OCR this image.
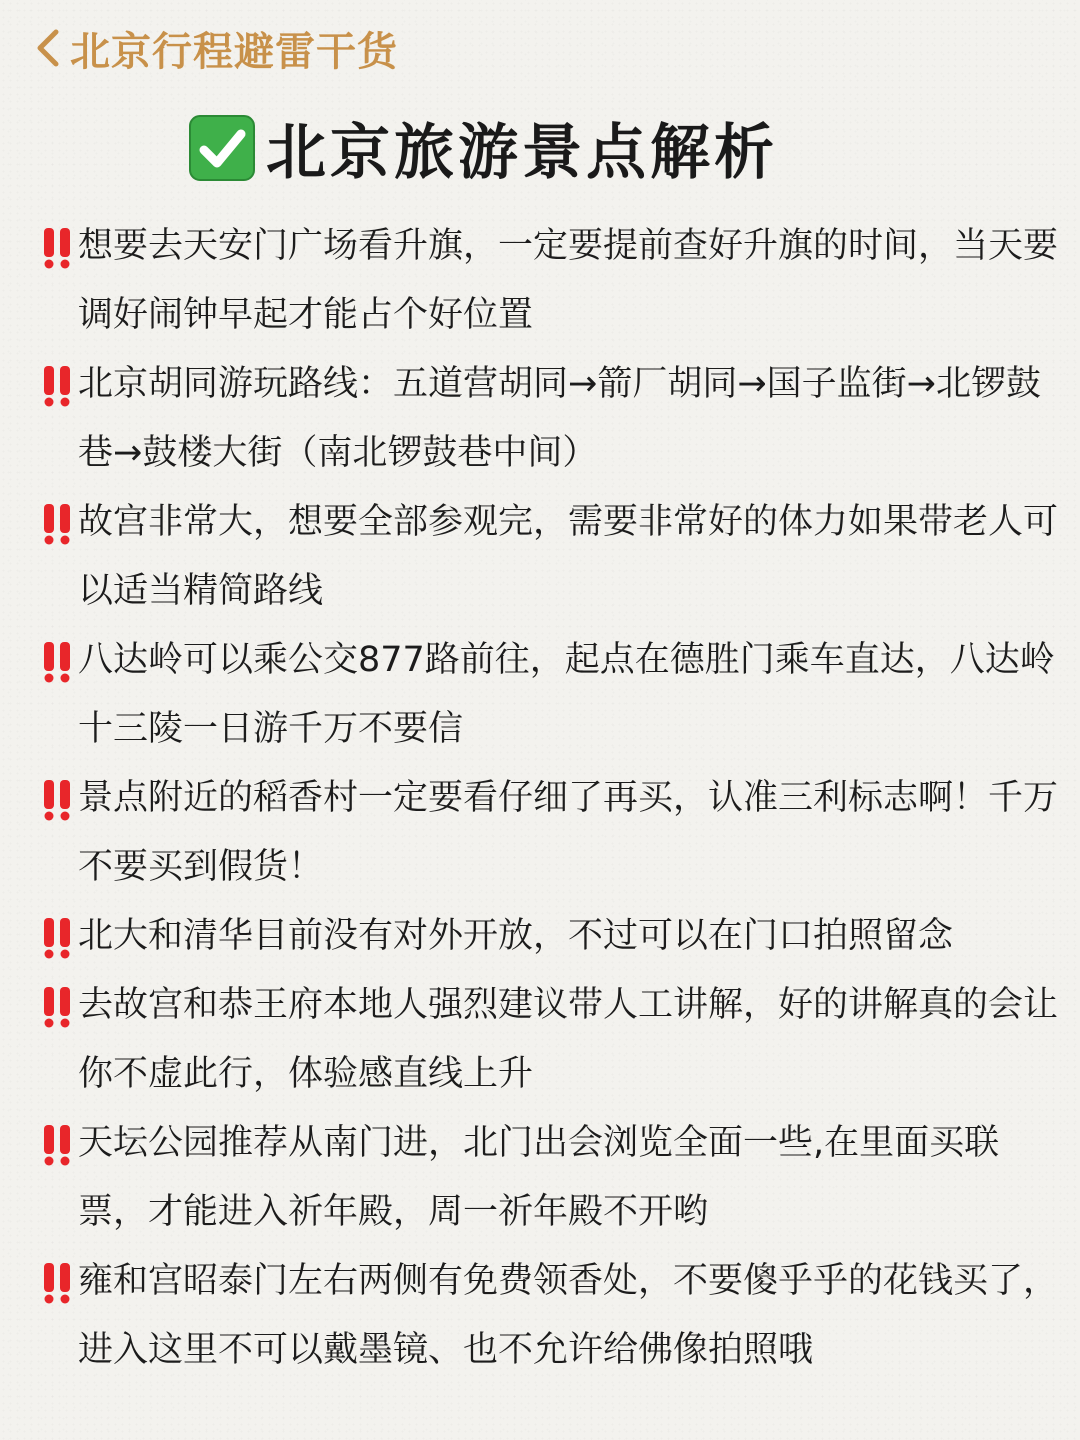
北京行程避雷干货
北京旅游景点解析
想要去天安门广场看升旗，一定要提前查好升旗的时间，当天要调好闹钟早起才能占个好位置
北京胡同游玩路线：五道营胡同→箭厂胡同→国子监街→北锣鼓巷→鼓楼大街（南北锣鼓巷中间）
故宫非常大，想要全部参观完，需要非常好的体力如果带老人可以适当精简路线
八达岭可以乘公交877路前往，起点在德胜门乘车直达，八达岭十三陵一日游千万不要信
景点附近的稻香村一定要看仔细了再买，认准三利标志啊！千万不要买到假货！
北大和清华目前没有对外开放，不过可以在门口拍照留念
去故宫和恭王府本地人强烈建议带人工讲解，好的讲解真的会让你不虚此行，体验感直线上升
天坛公园推荐从南门进，北门出会浏览全面一些,在里面买联票，才能进入祈年殿，周一祈年殿不开哟
雍和宫昭泰门左右两侧有免费领香处，不要傻乎乎的花钱买了，进入这里不可以戴墨镜、也不允许给佛像拍照哦
